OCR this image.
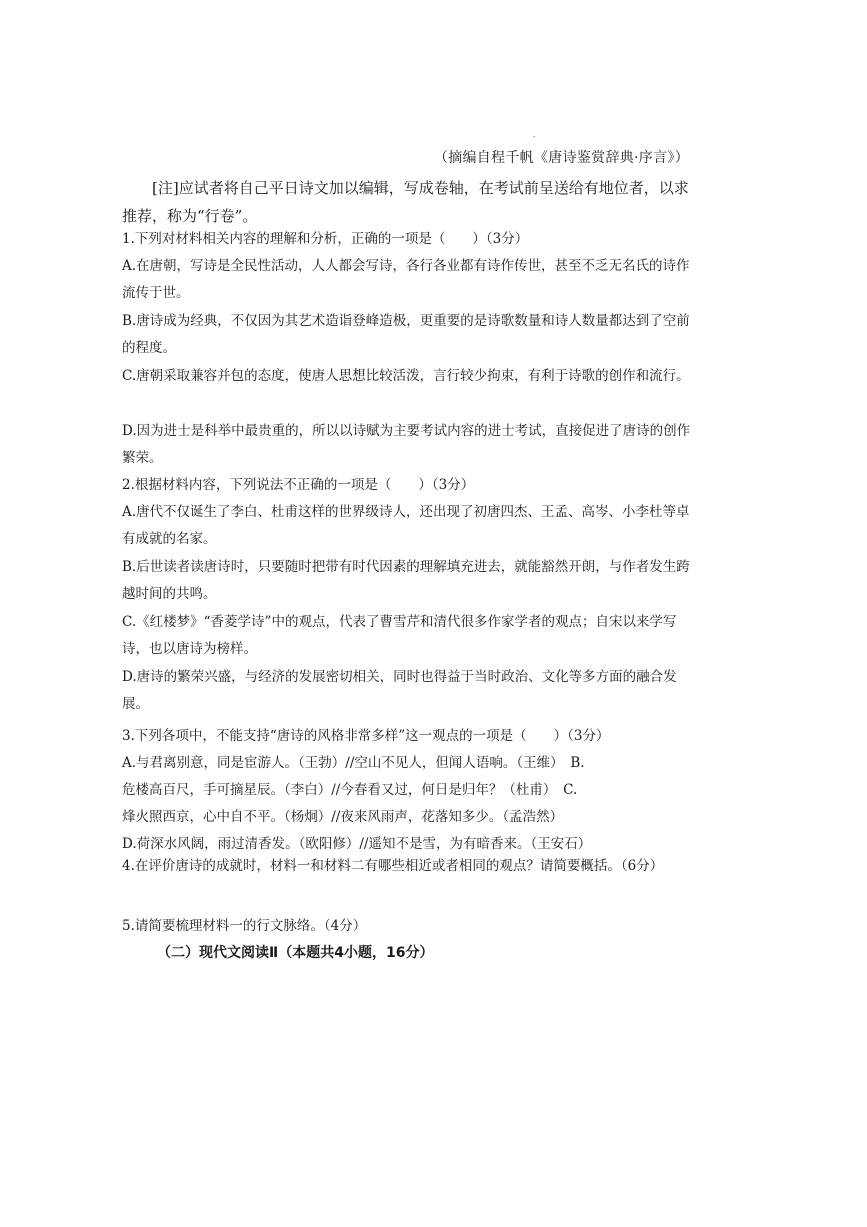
.
（摘编自程千帆《唐诗鉴赏辞典·序言》）
[注]应试者将自己平日诗文加以编辑，写成卷轴，在考试前呈送给有地位者，以求推荐，称为“行卷”。
1.下列对材料相关内容的理解和分析，正确的一项是（　　）（3分）
A.在唐朝，写诗是全民性活动，人人都会写诗，各行各业都有诗作传世，甚至不乏无名氏的诗作流传于世。
B.唐诗成为经典，不仅因为其艺术造诣登峰造极，更重要的是诗歌数量和诗人数量都达到了空前的程度。
C.唐朝采取兼容并包的态度，使唐人思想比较活泼，言行较少拘束，有利于诗歌的创作和流行。
D.因为进士是科举中最贵重的，所以以诗赋为主要考试内容的进士考试，直接促进了唐诗的创作繁荣。
2.根据材料内容，下列说法不正确的一项是（　　）（3分）
A.唐代不仅诞生了李白、杜甫这样的世界级诗人，还出现了初唐四杰、王孟、高岑、小李杜等卓有成就的名家。
B.后世读者读唐诗时，只要随时把带有时代因素的理解填充进去，就能豁然开朗，与作者发生跨越时间的共鸣。
C.《红楼梦》“香菱学诗”中的观点，代表了曹雪芹和清代很多作家学者的观点；自宋以来学写诗，也以唐诗为榜样。
D.唐诗的繁荣兴盛，与经济的发展密切相关，同时也得益于当时政治、文化等多方面的融合发展。
3.下列各项中，不能支持“唐诗的风格非常多样”这一观点的一项是（　　）（3分）
A.与君离别意，同是宦游人。（王勃）//空山不见人，但闻人语响。（王维）　B.
危楼高百尺，手可摘星辰。（李白）//今春看又过，何日是归年？（杜甫）　C.
烽火照西京，心中自不平。（杨炯）//夜来风雨声，花落知多少。（孟浩然）
D.荷深水风阔，雨过清香发。（欧阳修）//遥知不是雪，为有暗香来。（王安石）
4.在评价唐诗的成就时，材料一和材料二有哪些相近或者相同的观点？请简要概括。（6分）
5.请简要梳理材料一的行文脉络。（4分）
（二）现代文阅读Ⅱ（本题共4小题，16分）
